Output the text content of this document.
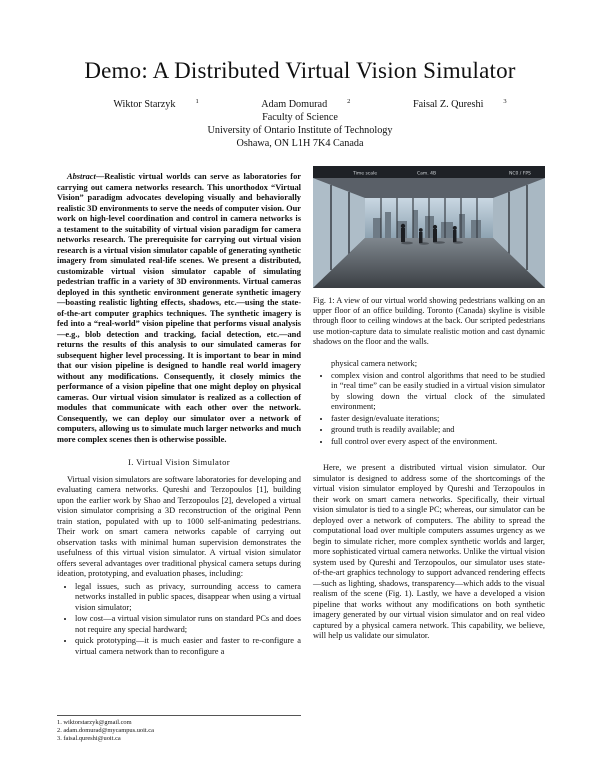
Demo: A Distributed Virtual Vision Simulator
Wiktor Starzyk	$^1$	Adam Domurad	$^2$	Faisal Z. Qureshi	$^3$
Faculty of Science
University of Ontario Institute of Technology
Oshawa, ON L1H 7K4 Canada

Abstract—Realistic virtual worlds can serve as laboratories for carrying out camera networks research. This unorthodox “Virtual Vision” paradigm advocates developing visually and behaviorally realistic 3D environments to serve the needs of computer vision. Our work on high-level coordination and control in camera networks is a testament to the suitability of virtual vision paradigm for camera networks research. The prerequisite for carrying out virtual vision research is a virtual vision simulator capable of generating synthetic imagery from simulated real-life scenes. We present a distributed, customizable virtual vision simulator capable of simulating pedestrian traffic in a variety of 3D environments. Virtual cameras deployed in this synthetic environment generate synthetic imagery—boasting realistic lighting effects, shadows, etc.—using the state-of-the-art computer graphics techniques. The synthetic imagery is fed into a “real-world” vision pipeline that performs visual analysis—e.g., blob detection and tracking, facial detection, etc.—and returns the results of this analysis to our simulated cameras for subsequent higher level processing. It is important to bear in mind that our vision pipeline is designed to handle real world imagery without any modifications. Consequently, it closely mimics the performance of a vision pipeline that one might deploy on physical cameras. Our virtual vision simulator is realized as a collection of modules that communicate with each other over the network. Consequently, we can deploy our simulator over a network of computers, allowing us to simulate much larger networks and much more complex scenes then is otherwise possible.

I. Virtual Vision Simulator

Virtual vision simulators are software laboratories for developing and evaluating camera networks. Qureshi and Terzopoulos [1], building upon the earlier work by Shao and Terzopoulos [2], developed a virtual vision simulator comprising a 3D reconstruction of the original Penn train station, populated with up to 1000 self-animating pedestrians. Their work on smart camera networks capable of carrying out observation tasks with minimal human supervision demonstrates the usefulness of this virtual vision simulator. A virtual vision simulator offers several advantages over traditional physical camera setups during ideation, prototyping, and evaluation phases, including:

• legal issues, such as privacy, surrounding access to camera networks installed in public spaces, disappear when using a virtual vision simulator;
• low cost—a virtual vision simulator runs on standard PCs and does not require any special hardward;
• quick prototyping—it is much easier and faster to re-configure a virtual camera network than to reconfigure a
1. wiktorstarzyk@gmail.com
2. adam.domurad@mycampus.uoit.ca
3. faisal.qureshi@uoit.ca
Time scale	Cam. 4B	NC0 / FPS

Fig. 1: A view of our virtual world showing pedestrians walking on an upper floor of an office building. Toronto (Canada) skyline is visible through floor to ceiling windows at the back. Our scripted pedestrians use motion-capture data to simulate realistic motion and cast dynamic shadows on the floor and the walls.

physical camera network;
• complex vision and control algorithms that need to be studied in “real time” can be easily studied in a virtual vision simulator by slowing down the virtual clock of the simulated environment;
• faster design/evaluate iterations;
• ground truth is readily available; and
• full control over every aspect of the environment.

Here, we present a distributed virtual vision simulator. Our simulator is designed to address some of the shortcomings of the virtual vision simulator employed by Qureshi and Terzopoulos in their work on smart camera networks. Specifically, their virtual vision simulator is tied to a single PC; whereas, our simulator can be deployed over a network of computers. The ability to spread the computational load over multiple computers assumes urgency as we begin to simulate richer, more complex synthetic worlds and larger, more sophisticated virtual camera networks. Unlike the virtual vision system used by Qureshi and Terzopoulos, our simulator uses state-of-the-art graphics technology to support advanced rendering effects—such as lighting, shadows, transparency—which adds to the visual realism of the scene (Fig. 1). Lastly, we have a developed a vision pipeline that works without any modifications on both synthetic imagery generated by our virtual vision simulator and on real video captured by a physical camera network. This capability, we believe, will help us validate our simulator.
